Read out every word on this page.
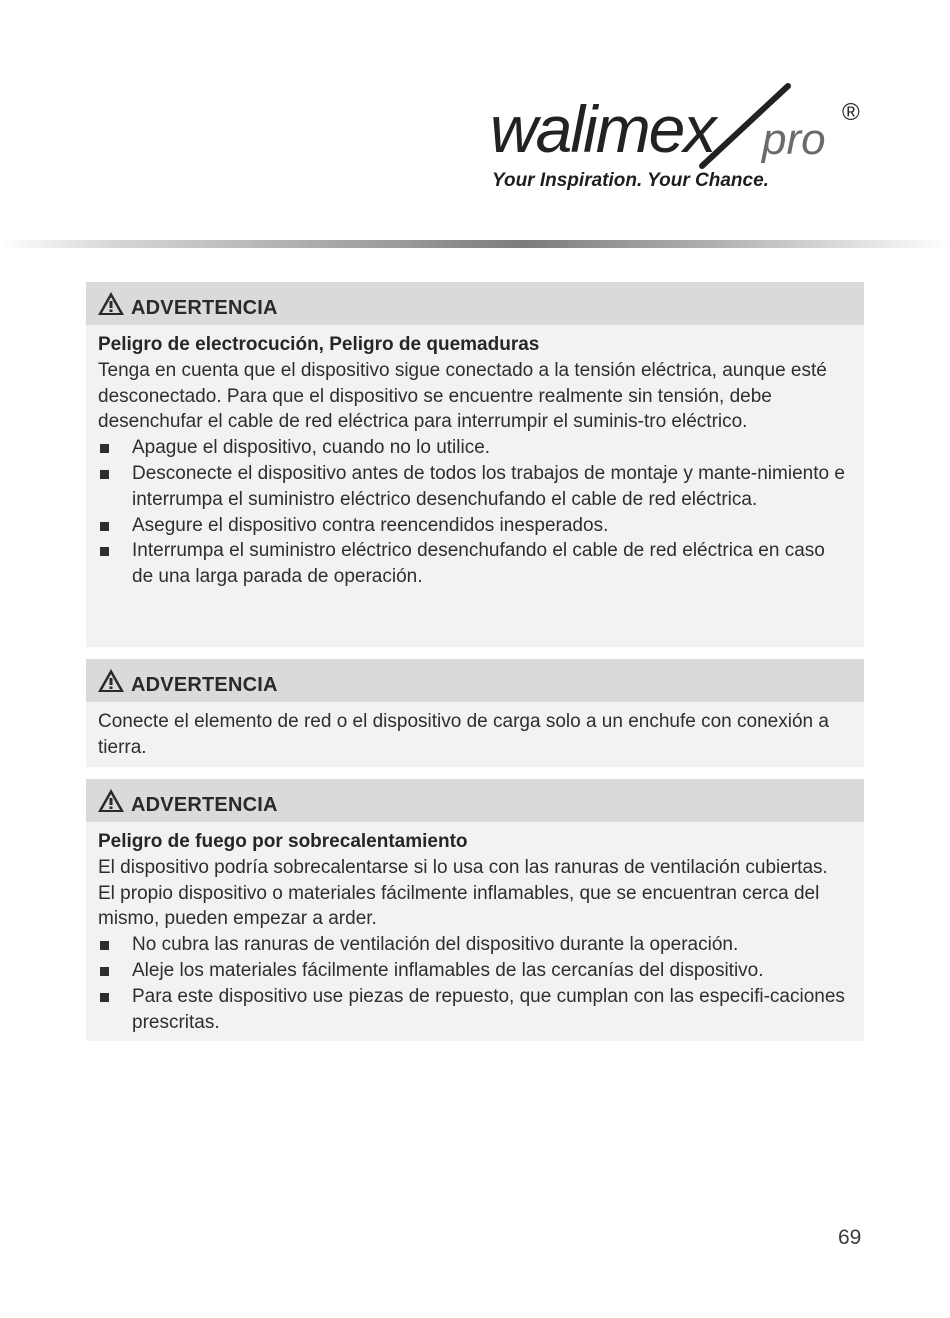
walimex pro
®
Your Inspiration. Your Chance.
ADVERTENCIA
Peligro de electrocución, Peligro de quemaduras

Tenga en cuenta que el dispositivo sigue conectado a la tensión eléctrica, aunque esté desconectado. Para que el dispositivo se encuentre realmente sin tensión, debe desenchufar el cable de red eléctrica para interrumpir el suminis-tro eléctrico.

Apague el dispositivo, cuando no lo utilice.
Desconecte el dispositivo antes de todos los trabajos de montaje y mante-nimiento e interrumpa el suministro eléctrico desenchufando el cable de red eléctrica.
Asegure el dispositivo contra reencendidos inesperados.
Interrumpa el suministro eléctrico desenchufando el cable de red eléctrica en caso de una larga parada de operación.
ADVERTENCIA

Conecte el elemento de red o el dispositivo de carga solo a un enchufe con conexión a tierra.

ADVERTENCIA
Peligro de fuego por sobrecalentamiento

El dispositivo podría sobrecalentarse si lo usa con las ranuras de ventilación cubiertas. El propio dispositivo o materiales fácilmente inflamables, que se encuentran cerca del mismo, pueden empezar a arder.

No cubra las ranuras de ventilación del dispositivo durante la operación.
Aleje los materiales fácilmente inflamables de las cercanías del dispositivo.
Para este dispositivo use piezas de repuesto, que cumplan con las especifi-caciones prescritas.
69
